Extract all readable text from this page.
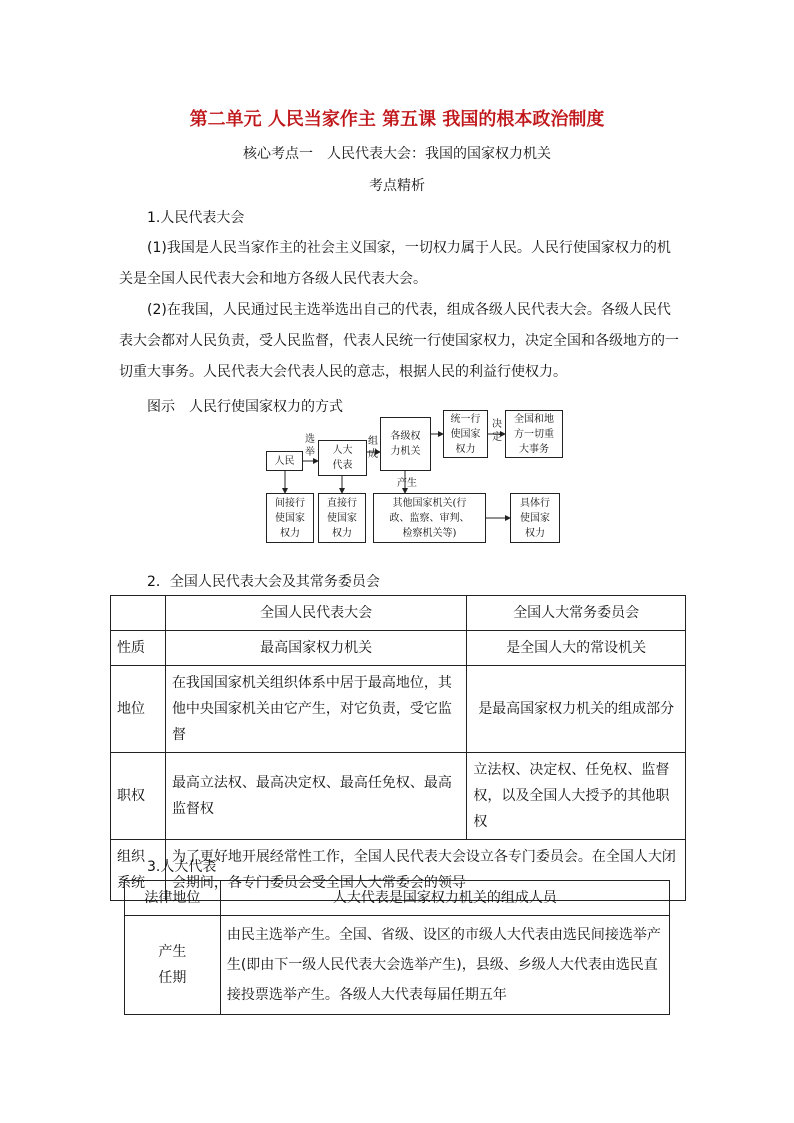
第二单元 人民当家作主 第五课 我国的根本政治制度
核心考点一　人民代表大会：我国的国家权力机关
考点精析
1.人民代表大会
(1)我国是人民当家作主的社会主义国家，一切权力属于人民。人民行使国家权力的机
关是全国人民代表大会和地方各级人民代表大会。
(2)在我国，人民通过民主选举选出自己的代表，组成各级人民代表大会。各级人民代
表大会都对人民负责，受人民监督，代表人民统一行使国家权力，决定全国和各级地方的一
切重大事务。人民代表大会代表人民的意志，根据人民的利益行使权力。
图示　人民行使国家权力的方式
人民
人大
代表
各级权
力机关
统一行
使国家
权力
全国和地
方一切重
大事务
间接行
使国家
权力
直接行
使国家
权力
其他国家机关(行
政、监察、审判、
检察机关等)
具体行
使国家
权力
选
举
组
成
产生
决
定
2．全国人民代表大会及其常务委员会
	全国人民代表大会	全国人大常务委员会
性质	最高国家权力机关	是全国人大的常设机关
地位	在我国国家机关组织体系中居于最高地位，其他中央国家机关由它产生，对它负责，受它监督	是最高国家权力机关的组成部分
职权	最高立法权、最高决定权、最高任免权、最高监督权	立法权、决定权、任免权、监督权，以及全国人大授予的其他职权

组织
系统	为了更好地开展经常性工作，全国人民代表大会设立各专门委员会。在全国人大闭会期间，各专门委员会受全国人大常委会的领导	
3.人大代表
法律地位	人大代表是国家权力机关的组成人员

产生
任期	由民主选举产生。全国、省级、设区的市级人大代表由选民间接选举产生(即由下一级人民代表大会选举产生)，县级、乡级人大代表由选民直接投票选举产生。各级人大代表每届任期五年
